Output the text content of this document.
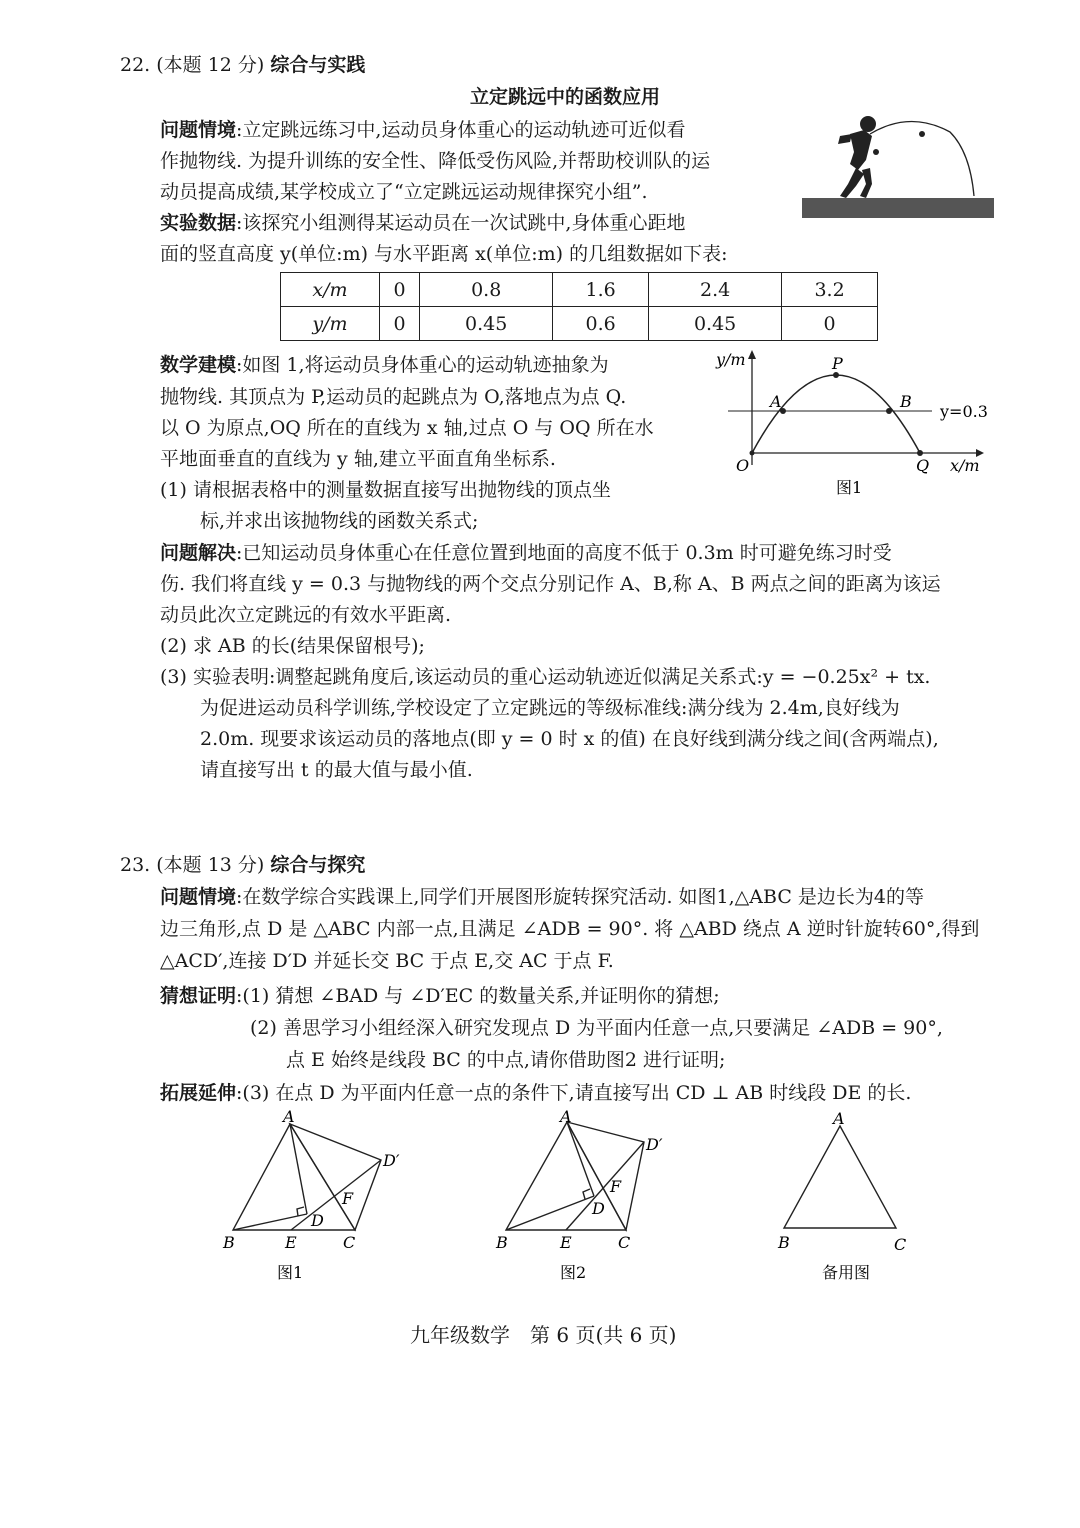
22. (本题 12 分) 综合与实践
立定跳远中的函数应用
问题情境:立定跳远练习中,运动员身体重心的运动轨迹可近似看
作抛物线. 为提升训练的安全性、降低受伤风险,并帮助校训队的运
动员提高成绩,某学校成立了“立定跳远运动规律探究小组”.
实验数据:该探究小组测得某运动员在一次试跳中,身体重心距地
面的竖直高度 y(单位:m) 与水平距离 x(单位:m) 的几组数据如下表:
x/m	0	0.8	1.6	2.4	3.2
y/m	0	0.45	0.6	0.45	0
数学建模:如图 1,将运动员身体重心的运动轨迹抽象为
抛物线. 其顶点为 P,运动员的起跳点为 O,落地点为点 Q.
以 O 为原点,OQ 所在的直线为 x 轴,过点 O 与 OQ 所在水
平地面垂直的直线为 y 轴,建立平面直角坐标系.
(1) 请根据表格中的测量数据直接写出抛物线的顶点坐
标,并求出该抛物线的函数关系式;
y/m	P
A	B
y=0.3
O	Q x/m
图1
问题解决:已知运动员身体重心在任意位置到地面的高度不低于 0.3m 时可避免练习时受
伤. 我们将直线 y = 0.3 与抛物线的两个交点分别记作 A、B,称 A、B 两点之间的距离为该运
动员此次立定跳远的有效水平距离.
(2) 求 AB 的长(结果保留根号);
(3) 实验表明:调整起跳角度后,该运动员的重心运动轨迹近似满足关系式:y = −0.25x² + tx.
为促进运动员科学训练,学校设定了立定跳远的等级标准线:满分线为 2.4m,良好线为
2.0m. 现要求该运动员的落地点(即 y = 0 时 x 的值) 在良好线到满分线之间(含两端点),
请直接写出 t 的最大值与最小值.
23. (本题 13 分) 综合与探究
问题情境:在数学综合实践课上,同学们开展图形旋转探究活动. 如图1,△ABC 是边长为4的等
边三角形,点 D 是 △ABC 内部一点,且满足 ∠ADB = 90°. 将 △ABD 绕点 A 逆时针旋转60°,得到
△ACD′,连接 D′D 并延长交 BC 于点 E,交 AC 于点 F.
猜想证明:(1) 猜想 ∠BAD 与 ∠D′EC 的数量关系,并证明你的猜想;
(2) 善思学习小组经深入研究发现点 D 为平面内任意一点,只要满足 ∠ADB = 90°,
点 E 始终是线段 BC 的中点,请你借助图2 进行证明;
拓展延伸:(3) 在点 D 为平面内任意一点的条件下,请直接写出 CD ⊥ AB 时线段 DE 的长.
A
B	E	C
D
F
D′
图1
A
B	E	C
D
F
D′
图2
A
B	C
备用图
九年级数学　第 6 页(共 6 页)
